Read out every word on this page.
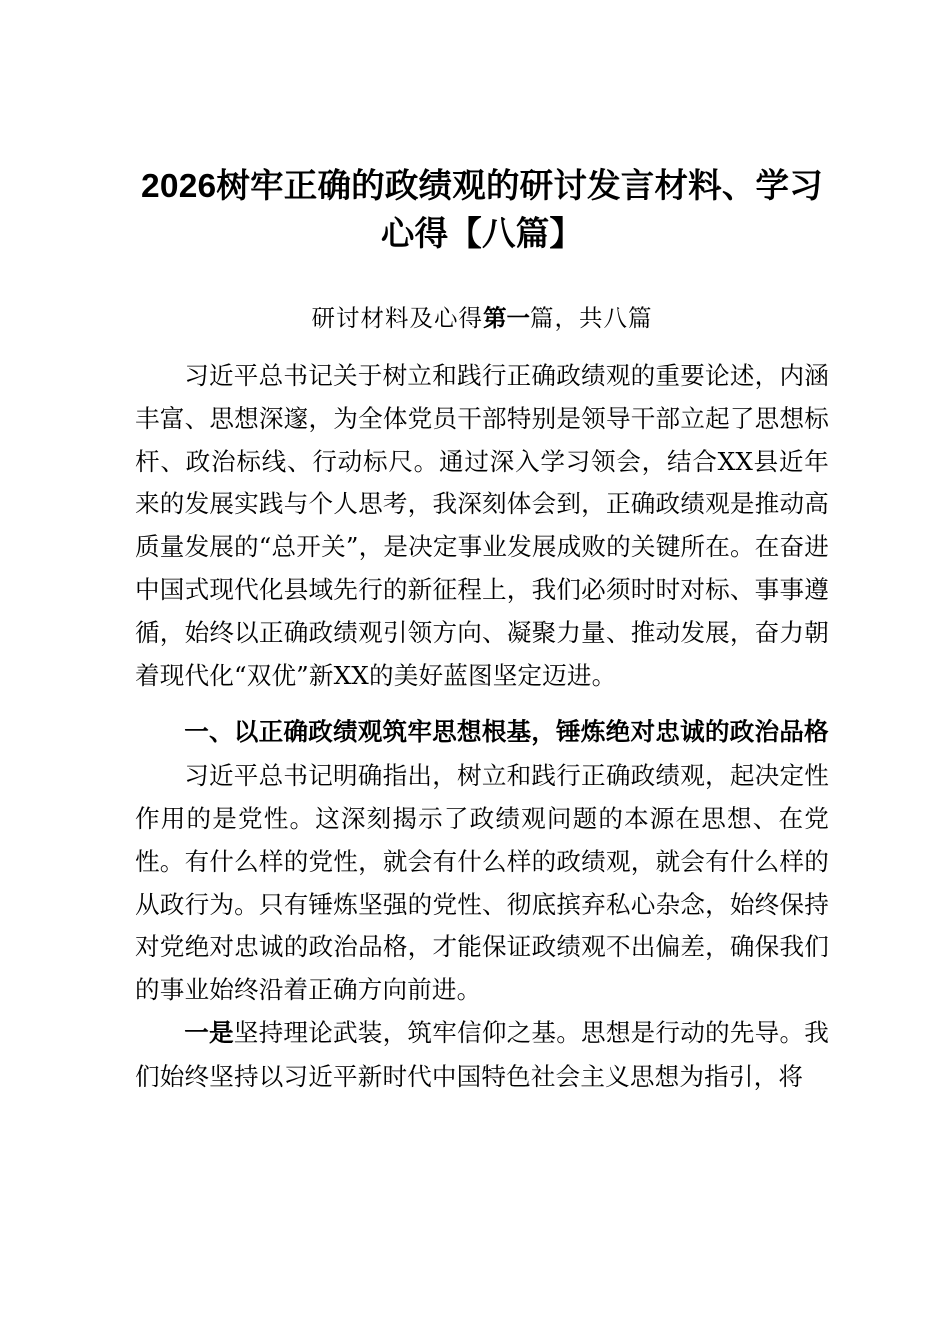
2026树牢正确的政绩观的研讨发言材料、学习心得【八篇】

研讨材料及心得第一篇，共八篇

习近平总书记关于树立和践行正确政绩观的重要论述，内涵丰富、思想深邃，为全体党员干部特别是领导干部立起了思想标杆、政治标线、行动标尺。通过深入学习领会，结合XX县近年来的发展实践与个人思考，我深刻体会到，正确政绩观是推动高质量发展的“总开关”，是决定事业发展成败的关键所在。在奋进中国式现代化县域先行的新征程上，我们必须时时对标、事事遵循，始终以正确政绩观引领方向、凝聚力量、推动发展，奋力朝着现代化“双优”新XX的美好蓝图坚定迈进。

一、以正确政绩观筑牢思想根基，锤炼绝对忠诚的政治品格

习近平总书记明确指出，树立和践行正确政绩观，起决定性作用的是党性。这深刻揭示了政绩观问题的本源在思想、在党性。有什么样的党性，就会有什么样的政绩观，就会有什么样的从政行为。只有锤炼坚强的党性、彻底摈弃私心杂念，始终保持对党绝对忠诚的政治品格，才能保证政绩观不出偏差，确保我们的事业始终沿着正确方向前进。

一是坚持理论武装，筑牢信仰之基。思想是行动的先导。我们始终坚持以习近平新时代中国特色社会主义思想为指引，将
